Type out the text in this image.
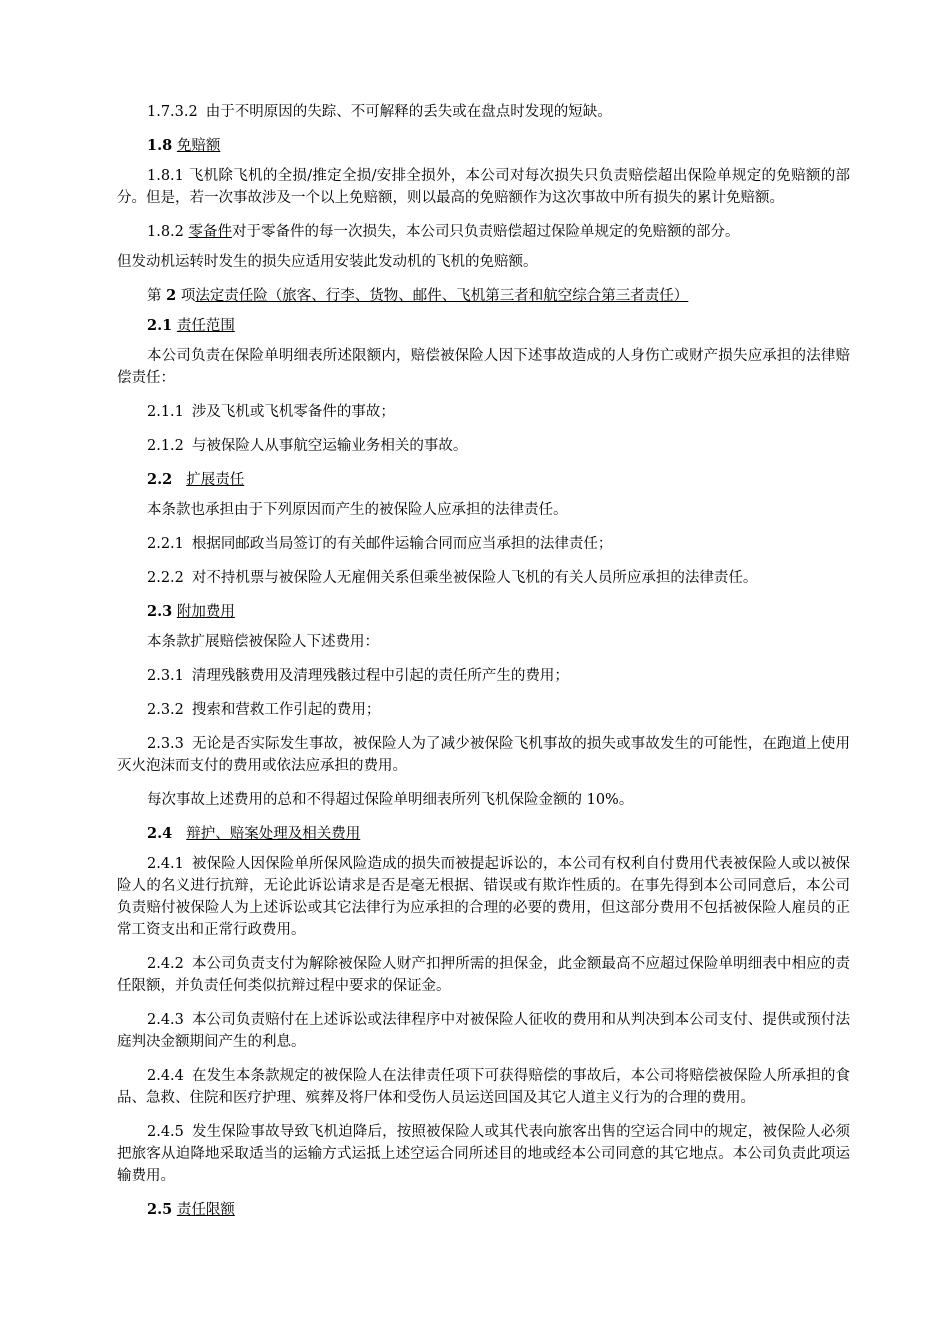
1.7.3.2 由于不明原因的失踪、不可解释的丢失或在盘点时发现的短缺。

1.8 免赔额

1.8.1 飞机除飞机的全损/推定全损/安排全损外，本公司对每次损失只负责赔偿超出保险单规定的免赔额的部分。但是，若一次事故涉及一个以上免赔额，则以最高的免赔额作为这次事故中所有损失的累计免赔额。

1.8.2 零备件对于零备件的每一次损失，本公司只负责赔偿超过保险单规定的免赔额的部分。

但发动机运转时发生的损失应适用安装此发动机的飞机的免赔额。

第 2 项法定责任险（旅客、行李、货物、邮件、飞机第三者和航空综合第三者责任）

2.1 责任范围

本公司负责在保险单明细表所述限额内，赔偿被保险人因下述事故造成的人身伤亡或财产损失应承担的法律赔偿责任：

2.1.1 涉及飞机或飞机零备件的事故；

2.1.2 与被保险人从事航空运输业务相关的事故。

2.2 扩展责任

本条款也承担由于下列原因而产生的被保险人应承担的法律责任。

2.2.1 根据同邮政当局签订的有关邮件运输合同而应当承担的法律责任；

2.2.2 对不持机票与被保险人无雇佣关系但乘坐被保险人飞机的有关人员所应承担的法律责任。

2.3 附加费用

本条款扩展赔偿被保险人下述费用：

2.3.1 清理残骸费用及清理残骸过程中引起的责任所产生的费用；

2.3.2 搜索和营救工作引起的费用；

2.3.3 无论是否实际发生事故，被保险人为了减少被保险飞机事故的损失或事故发生的可能性，在跑道上使用灭火泡沫而支付的费用或依法应承担的费用。

每次事故上述费用的总和不得超过保险单明细表所列飞机保险金额的 10%。

2.4 辩护、赔案处理及相关费用

2.4.1 被保险人因保险单所保风险造成的损失而被提起诉讼的，本公司有权利自付费用代表被保险人或以被保险人的名义进行抗辩，无论此诉讼请求是否是毫无根据、错误或有欺诈性质的。在事先得到本公司同意后，本公司负责赔付被保险人为上述诉讼或其它法律行为应承担的合理的必要的费用，但这部分费用不包括被保险人雇员的正常工资支出和正常行政费用。

2.4.2 本公司负责支付为解除被保险人财产扣押所需的担保金，此金额最高不应超过保险单明细表中相应的责任限额，并负责任何类似抗辩过程中要求的保证金。

2.4.3 本公司负责赔付在上述诉讼或法律程序中对被保险人征收的费用和从判决到本公司支付、提供或预付法庭判决金额期间产生的利息。

2.4.4 在发生本条款规定的被保险人在法律责任项下可获得赔偿的事故后，本公司将赔偿被保险人所承担的食品、急救、住院和医疗护理、殡葬及将尸体和受伤人员运送回国及其它人道主义行为的合理的费用。

2.4.5 发生保险事故导致飞机迫降后，按照被保险人或其代表向旅客出售的空运合同中的规定，被保险人必须把旅客从迫降地采取适当的运输方式运抵上述空运合同所述目的地或经本公司同意的其它地点。本公司负责此项运输费用。

2.5 责任限额
